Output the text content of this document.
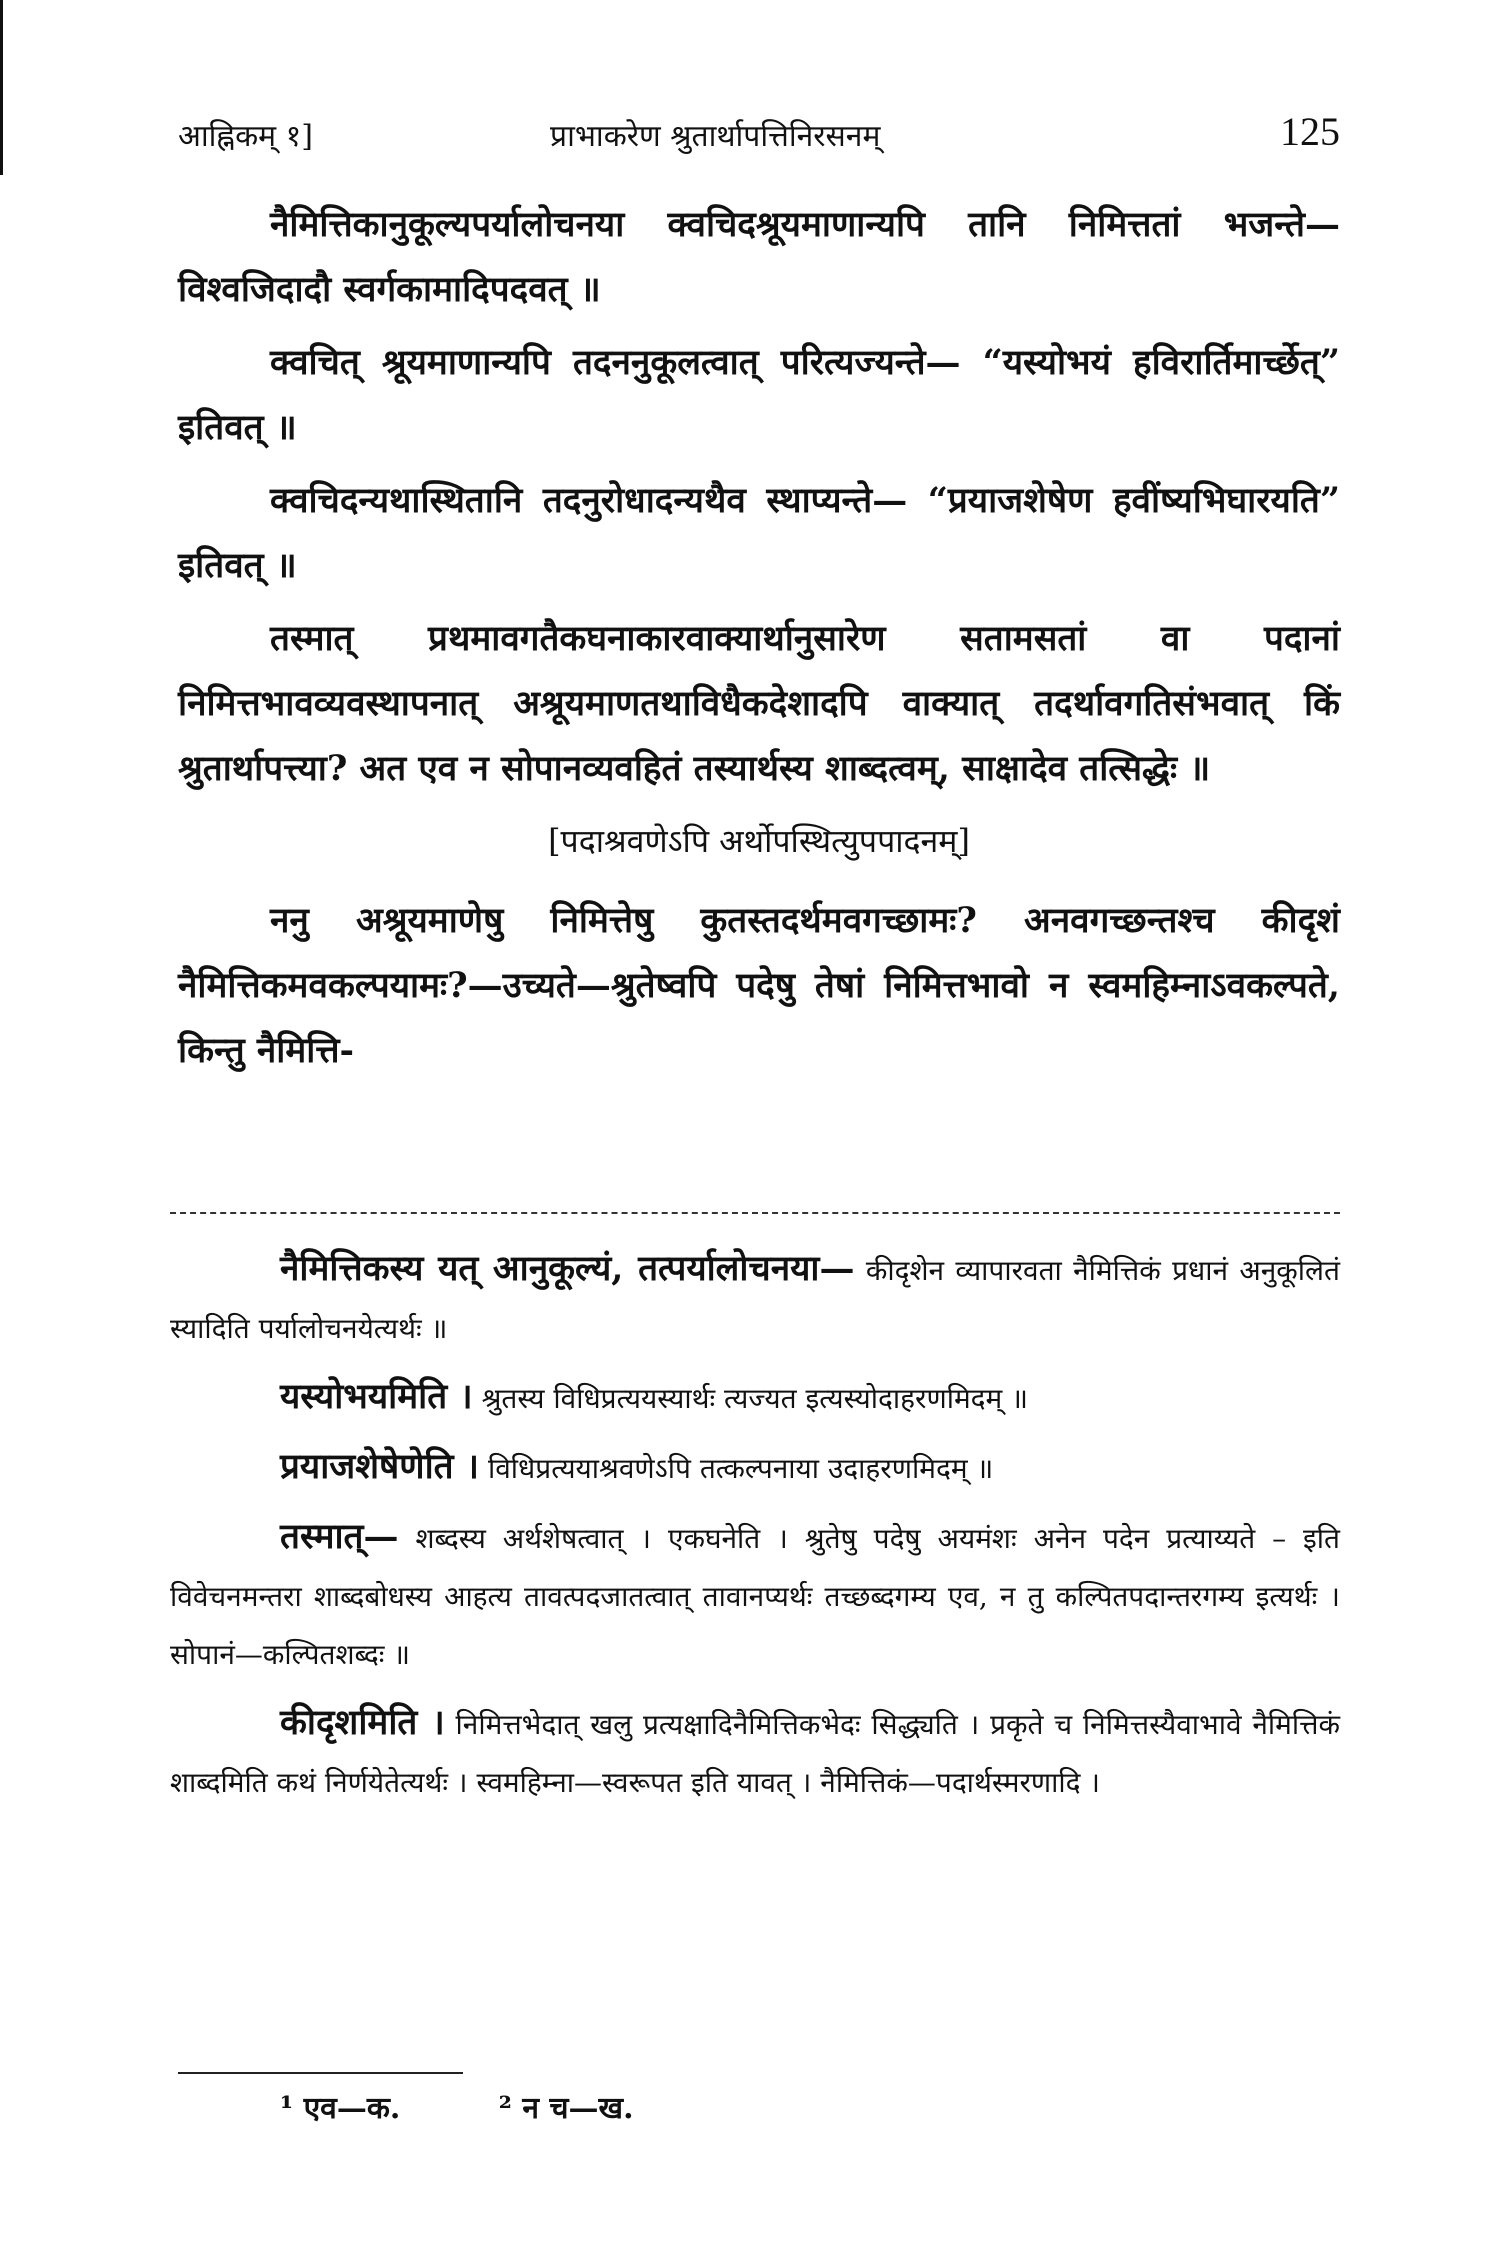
आह्निकम् १]	प्राभाकरेण श्रुतार्थापत्तिनिरसनम्	125

नैमित्तिकानुकूल्यपर्यालोचनया क्वचिदश्रूयमाणान्यपि तानि निमित्ततां भजन्ते—विश्वजिदादौ स्वर्गकामादिपदवत् ॥

क्वचित् श्रूयमाणान्यपि तदननुकूलत्वात् परित्यज्यन्ते— “यस्योभयं हविरार्तिमार्च्छेत्” इतिवत् ॥

क्वचिदन्यथास्थितानि तदनुरोधादन्यथैव स्थाप्यन्ते— “प्रयाजशेषेण हवींष्यभिघारयति” इतिवत् ॥

तस्मात् प्रथमावगतैकघनाकारवाक्यार्थानुसारेण सतामसतां वा पदानां निमित्तभावव्यवस्थापनात् अश्रूयमाणतथाविधैकदेशादपि वाक्यात् तदर्थावगतिसंभवात् किं श्रुतार्थापत्त्या? अत एव न सोपानव्यवहितं तस्यार्थस्य शाब्दत्वम्, साक्षादेव तत्सिद्धेः ॥

[पदाश्रवणेऽपि अर्थोपस्थित्युपपादनम्]

ननु अश्रूयमाणेषु निमित्तेषु कुतस्तदर्थमवगच्छामः? अनवगच्छन्तश्च कीदृशं नैमित्तिकमवकल्पयामः?—उच्यते—श्रुतेष्वपि पदेषु तेषां निमित्तभावो न स्वमहिम्नाऽवकल्पते, किन्तु नैमित्ति-

नैमित्तिकस्य यत् आनुकूल्यं, तत्पर्यालोचनया— कीदृशेन व्यापारवता नैमित्तिकं प्रधानं अनुकूलितं स्यादिति पर्यालोचनयेत्यर्थः ॥

यस्योभयमिति । श्रुतस्य विधिप्रत्ययस्यार्थः त्यज्यत इत्यस्योदाहरणमिदम् ॥

प्रयाजशेषेणेति । विधिप्रत्ययाश्रवणेऽपि तत्कल्पनाया उदाहरणमिदम् ॥

तस्मात्— शब्दस्य अर्थशेषत्वात् । एकघनेति । श्रुतेषु पदेषु अयमंशः अनेन पदेन प्रत्याय्यते – इति विवेचनमन्तरा शाब्दबोधस्य आहत्य तावत्पदजातत्वात् तावानप्यर्थः तच्छब्दगम्य एव, न तु कल्पितपदान्तरगम्य इत्यर्थः । सोपानं—कल्पितशब्दः ॥

कीदृशमिति । निमित्तभेदात् खलु प्रत्यक्षादिनैमित्तिकभेदः सिद्ध्यति । प्रकृते च निमित्तस्यैवाभावे नैमित्तिकं शाब्दमिति कथं निर्णयेतेत्यर्थः । स्वमहिम्ना—स्वरूपत इति यावत् । नैमित्तिकं—पदार्थस्मरणादि ।

¹ एव—क.	² न च—ख.
